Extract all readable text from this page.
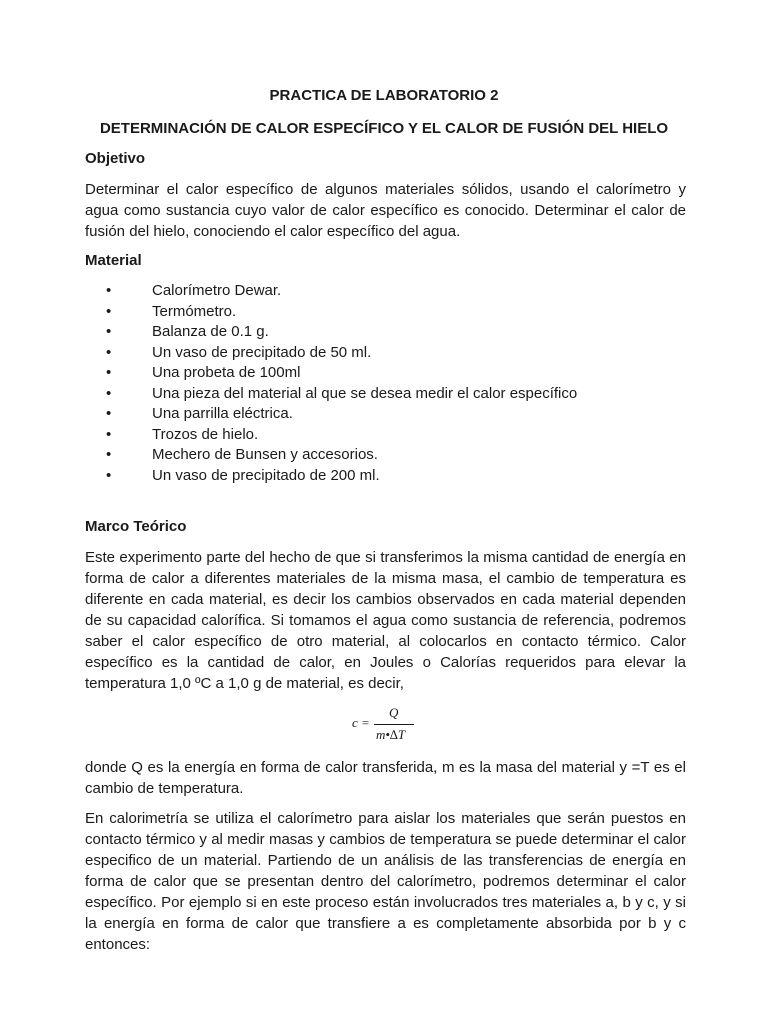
PRACTICA DE LABORATORIO 2
DETERMINACIÓN DE CALOR ESPECÍFICO Y EL CALOR DE FUSIÓN DEL HIELO
Objetivo

Determinar el calor específico de algunos materiales sólidos, usando el calorímetro y agua como sustancia cuyo valor de calor específico es conocido. Determinar el calor de fusión del hielo, conociendo el calor específico del agua.

Material
•	Calorímetro Dewar.
•	Termómetro.
•	Balanza de 0.1 g.
•	Un vaso de precipitado de 50 ml.
•	Una probeta de 100ml
•	Una pieza del material al que se desea medir el calor específico
•	Una parrilla eléctrica.
•	Trozos de hielo.
•	Mechero de Bunsen y accesorios.
•	Un vaso de precipitado de 200 ml.
Marco Teórico

Este experimento parte del hecho de que si transferimos la misma cantidad de energía en forma de calor a diferentes materiales de la misma masa, el cambio de temperatura es diferente en cada material, es decir los cambios observados en cada material dependen de su capacidad calorífica. Si tomamos el agua como sustancia de referencia, podremos saber el calor específico de otro material, al colocarlos en contacto térmico. Calor específico es la cantidad de calor, en Joules o Calorías requeridos para elevar la temperatura 1,0 ºC a 1,0 g de material, es decir,

c =
Q
m•∆T

donde Q es la energía en forma de calor transferida, m es la masa del material y =T es el cambio de temperatura.

En calorimetría se utiliza el calorímetro para aislar los materiales que serán puestos en contacto térmico y al medir masas y cambios de temperatura se puede determinar el calor especifico de un material. Partiendo de un análisis de las transferencias de energía en forma de calor que se presentan dentro del calorímetro, podremos determinar el calor específico. Por ejemplo si en este proceso están involucrados tres materiales a, b y c, y si la energía en forma de calor que transfiere a es completamente absorbida por b y c entonces:
